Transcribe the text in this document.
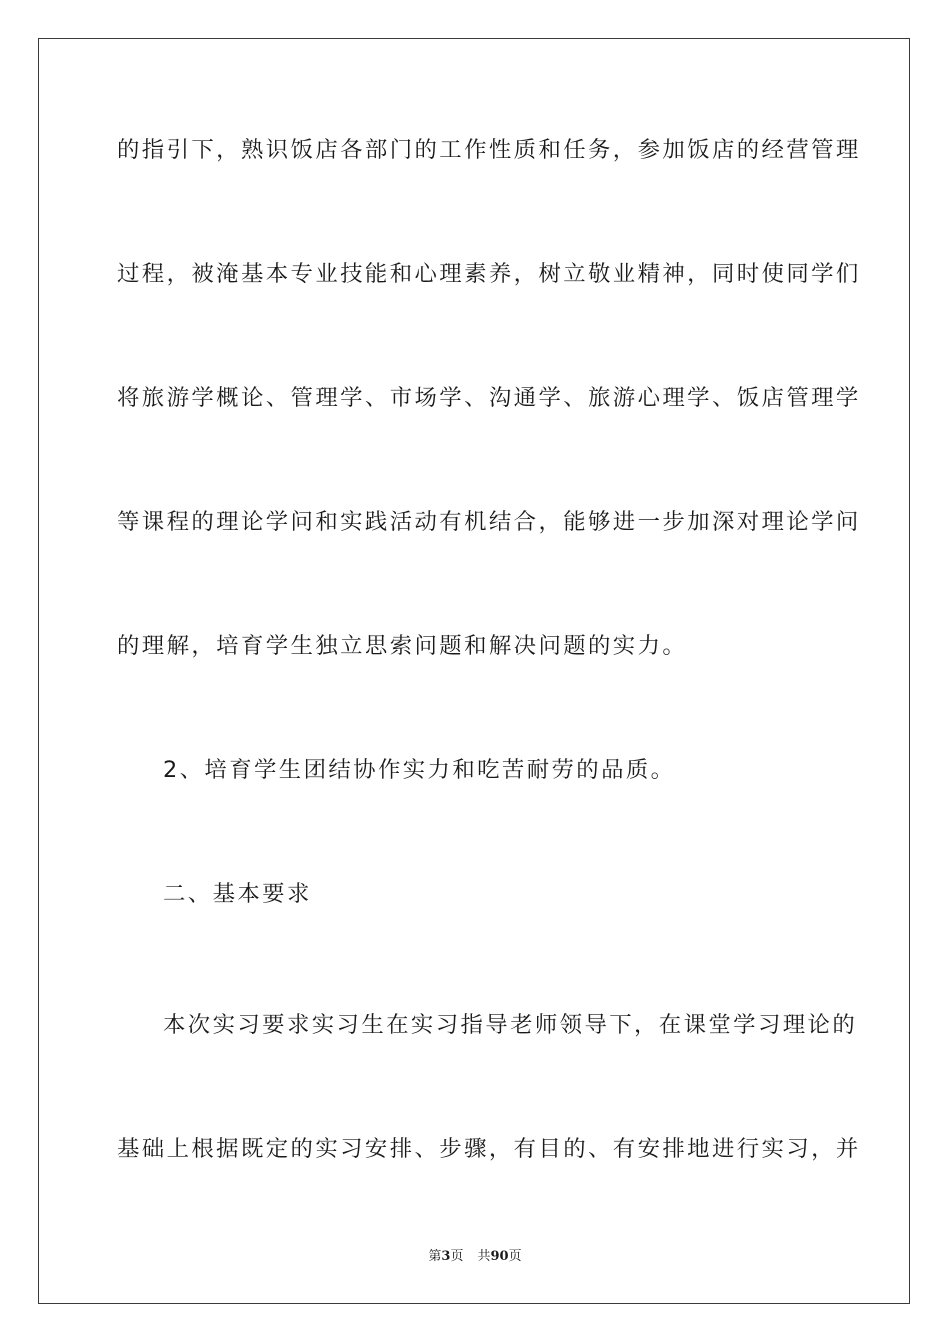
的指引下，熟识饭店各部门的工作性质和任务，参加饭店的经营管理
过程，被淹基本专业技能和心理素养，树立敬业精神，同时使同学们
将旅游学概论、管理学、市场学、沟通学、旅游心理学、饭店管理学
等课程的理论学问和实践活动有机结合，能够进一步加深对理论学问
的理解，培育学生独立思索问题和解决问题的实力。
2、培育学生团结协作实力和吃苦耐劳的品质。
二、基本要求
本次实习要求实习生在实习指导老师领导下，在课堂学习理论的
基础上根据既定的实习安排、步骤，有目的、有安排地进行实习，并
第3页 共90页
